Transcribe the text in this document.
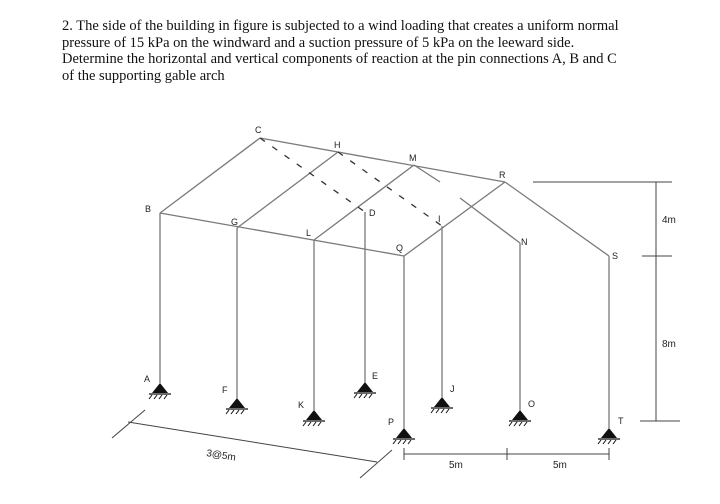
2. The side of the building in figure is subjected to a wind loading that creates a uniform normal
pressure of 15 kPa on the windward and a suction pressure of 5 kPa on the leeward side.
Determine the horizontal and vertical components of reaction at the pin connections A, B and C
of the supporting gable arch
3@5m
5m	5m
4m
8m
A
B
C
D
E
F
G
H
I
J
K
L
M
N
O
P
Q
R
S
T
